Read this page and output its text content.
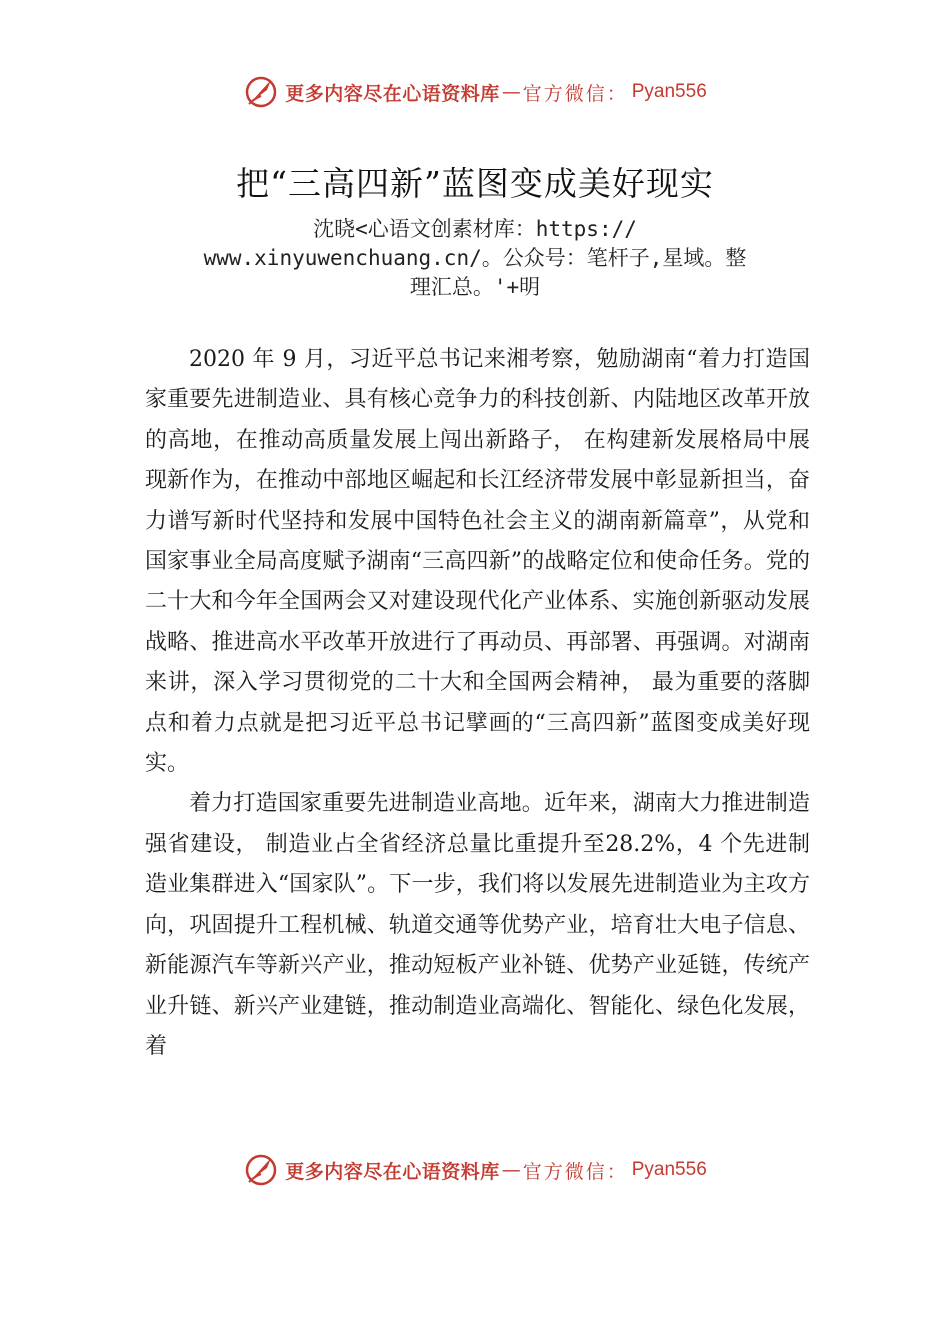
更多内容尽在心语资料库 — 官方微信： Pyan556
把“三高四新”蓝图变成美好现实
沈晓<心语文创素材库：https:// www.xinyuwenchuang.cn/。公众号：笔杆子,星域。整理汇总。'+明

2020 年 9 月，习近平总书记来湘考察，勉励湖南“着力打造国家重要先进制造业、具有核心竞争力的科技创新、内陆地区改革开放的高地，在推动高质量发展上闯出新路子， 在构建新发展格局中展现新作为，在推动中部地区崛起和长江经济带发展中彰显新担当，奋力谱写新时代坚持和发展中国特色社会主义的湖南新篇章”，从党和国家事业全局高度赋予湖南“三高四新”的战略定位和使命任务。党的二十大和今年全国两会又对建设现代化产业体系、实施创新驱动发展战略、推进高水平改革开放进行了再动员、再部署、再强调。对湖南来讲，深入学习贯彻党的二十大和全国两会精神， 最为重要的落脚点和着力点就是把习近平总书记擘画的“三高四新”蓝图变成美好现实。

着力打造国家重要先进制造业高地。近年来，湖南大力推进制造强省建设， 制造业占全省经济总量比重提升至28.2%，4 个先进制造业集群进入“国家队”。下一步，我们将以发展先进制造业为主攻方向，巩固提升工程机械、轨道交通等优势产业，培育壮大电子信息、新能源汽车等新兴产业，推动短板产业补链、优势产业延链，传统产业升链、新兴产业建链，推动制造业高端化、智能化、绿色化发展，着

更多内容尽在心语资料库 — 官方微信： Pyan556
